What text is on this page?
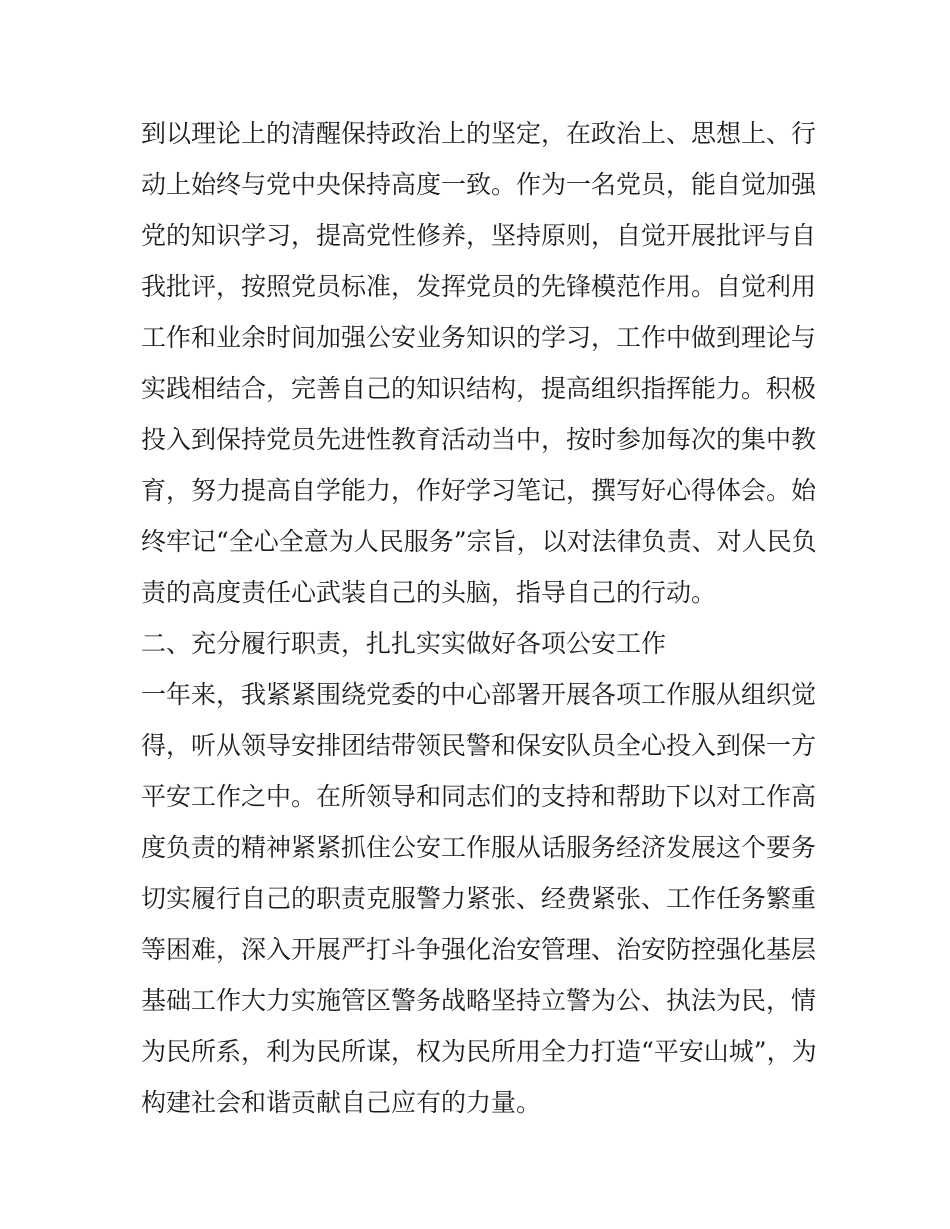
到以理论上的清醒保持政治上的坚定，在政治上、思想上、行
动上始终与党中央保持高度一致。作为一名党员，能自觉加强
党的知识学习，提高党性修养，坚持原则，自觉开展批评与自
我批评，按照党员标准，发挥党员的先锋模范作用。自觉利用
工作和业余时间加强公安业务知识的学习，工作中做到理论与
实践相结合，完善自己的知识结构，提高组织指挥能力。积极
投入到保持党员先进性教育活动当中，按时参加每次的集中教
育，努力提高自学能力，作好学习笔记，撰写好心得体会。始
终牢记“全心全意为人民服务”宗旨，以对法律负责、对人民负
责的高度责任心武装自己的头脑，指导自己的行动。
二、充分履行职责，扎扎实实做好各项公安工作
一年来，我紧紧围绕党委的中心部署开展各项工作服从组织觉
得，听从领导安排团结带领民警和保安队员全心投入到保一方
平安工作之中。在所领导和同志们的支持和帮助下以对工作高
度负责的精神紧紧抓住公安工作服从话服务经济发展这个要务
切实履行自己的职责克服警力紧张、经费紧张、工作任务繁重
等困难，深入开展严打斗争强化治安管理、治安防控强化基层
基础工作大力实施管区警务战略坚持立警为公、执法为民，情
为民所系，利为民所谋，权为民所用全力打造“平安山城”，为
构建社会和谐贡献自己应有的力量。
